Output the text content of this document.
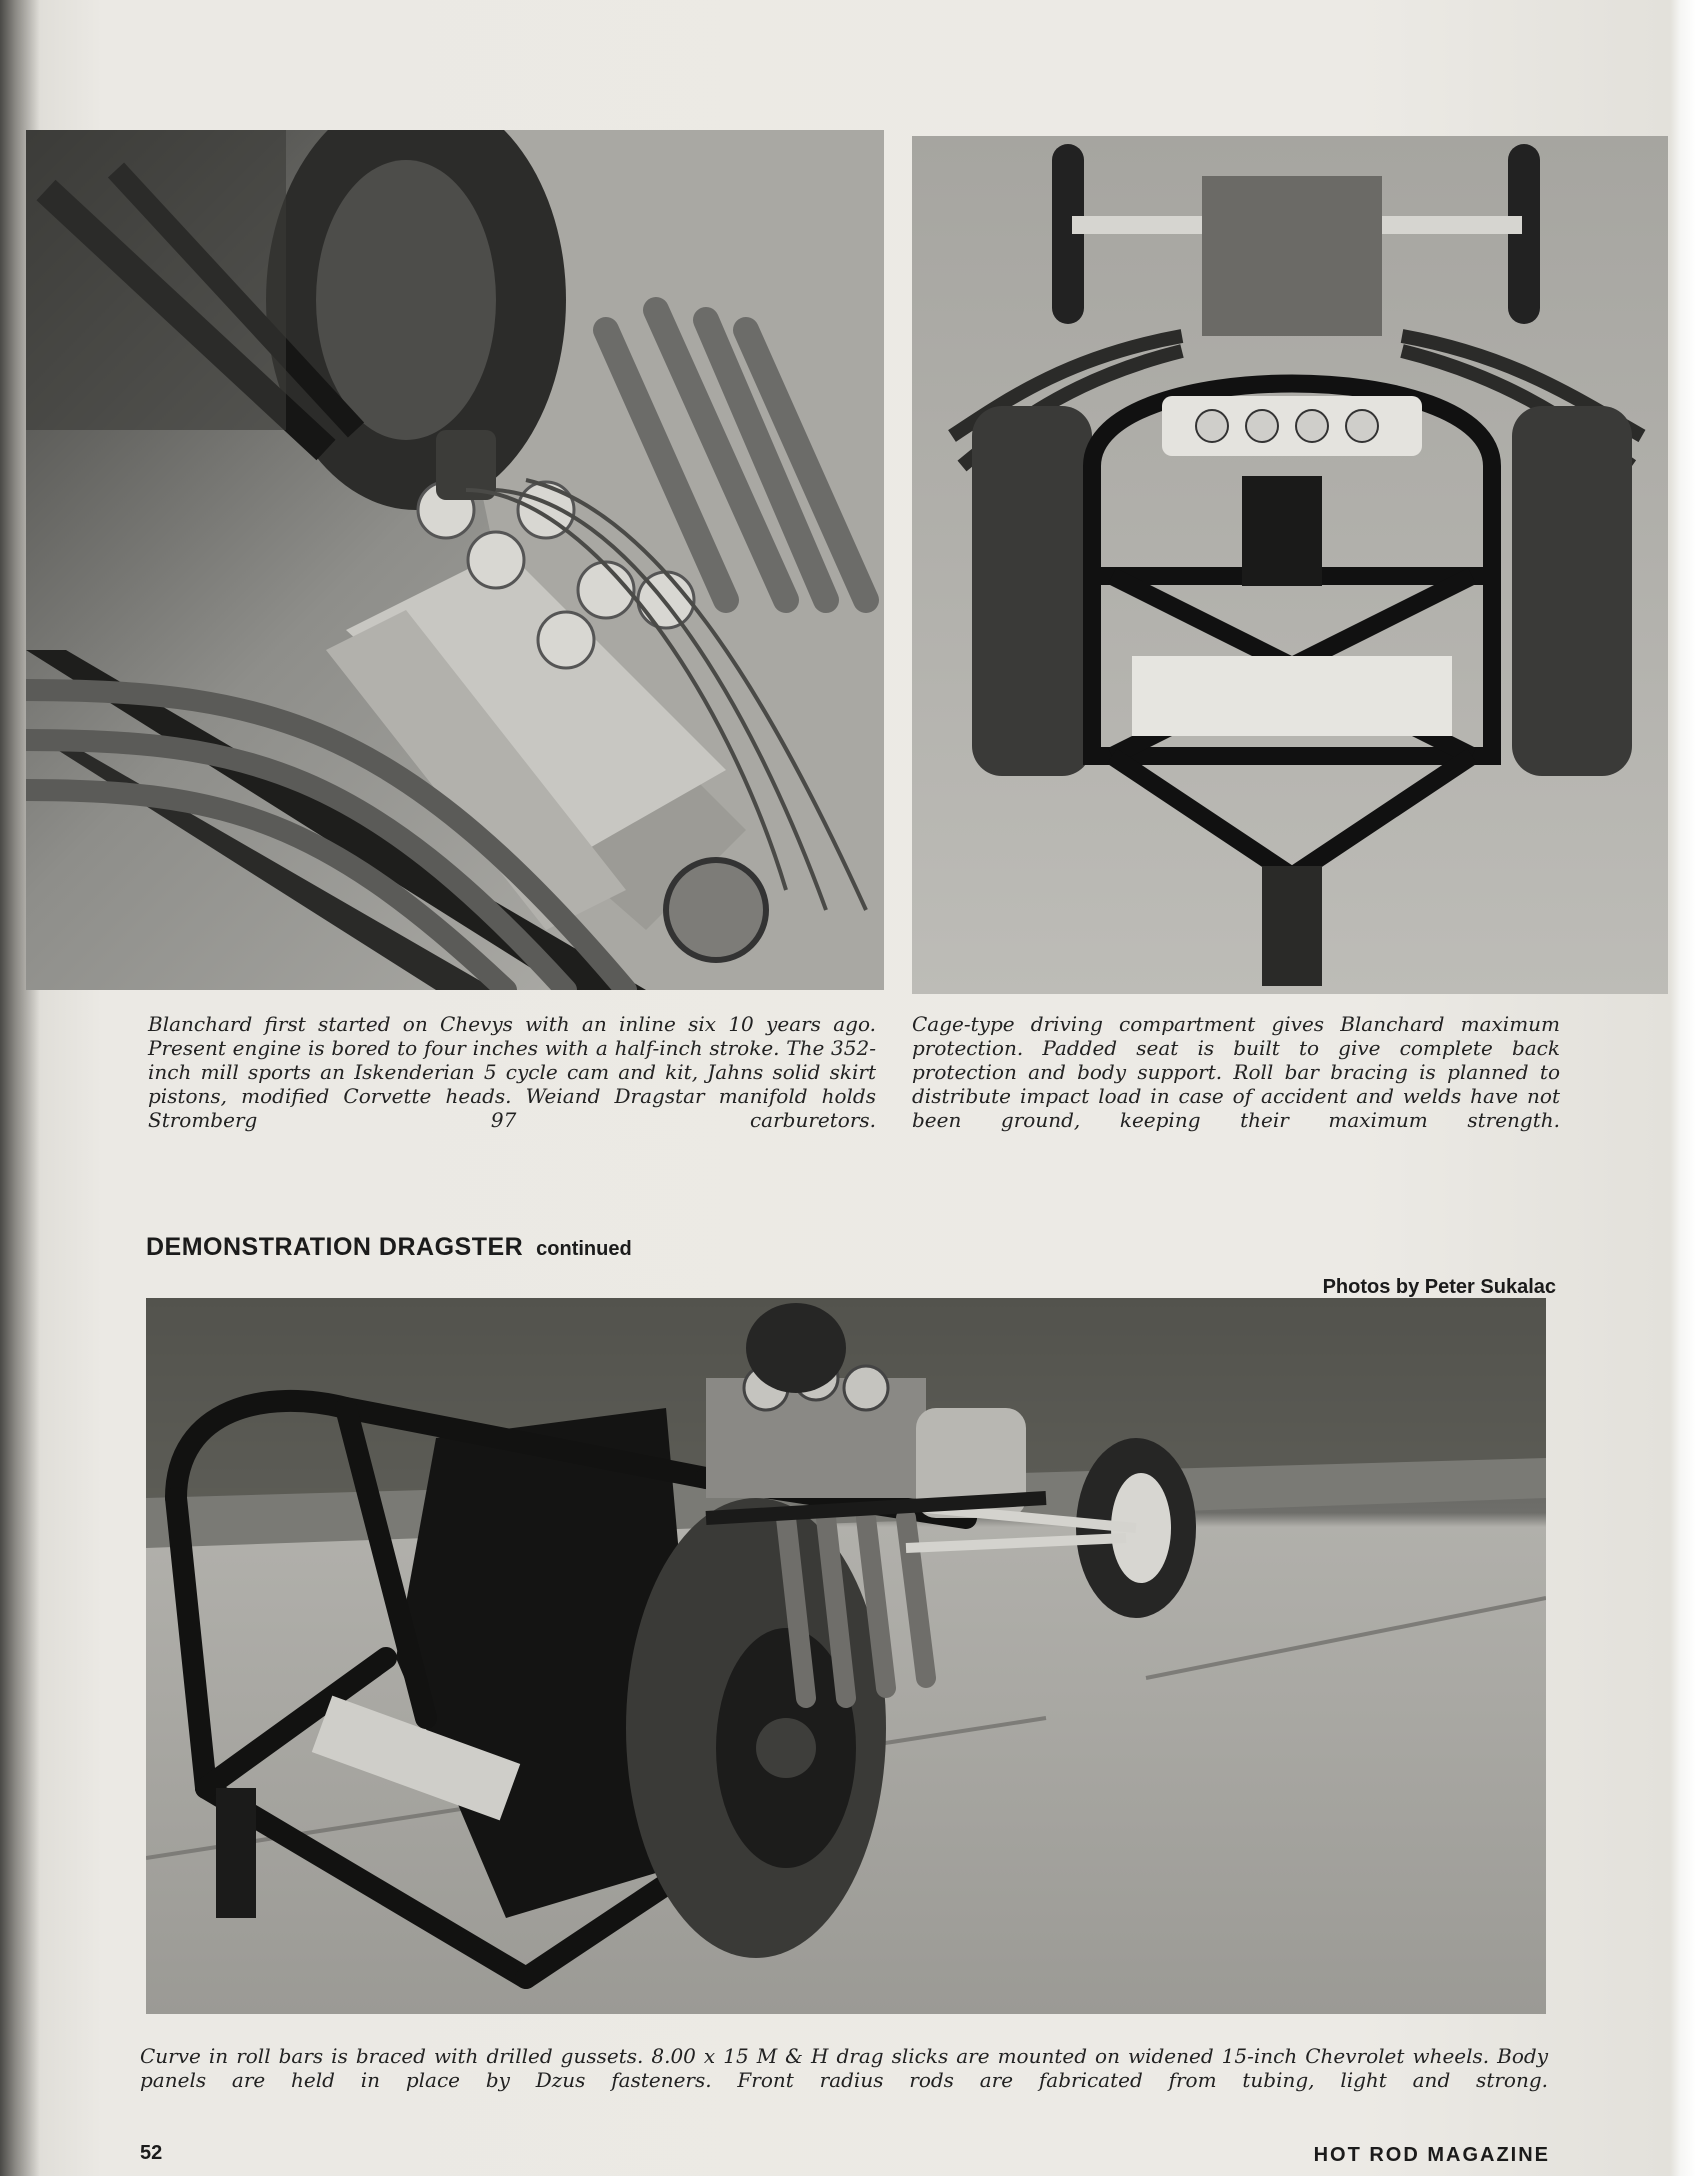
Blanchard first started on Chevys with an inline six 10 years ago. Present engine is bored to four inches with a half-inch stroke. The 352-inch mill sports an Iskenderian 5 cycle cam and kit, Jahns solid skirt pistons, modified Corvette heads. Weiand Dragstar manifold holds Stromberg 97 carburetors.

Cage-type driving compartment gives Blanchard maximum protection. Padded seat is built to give complete back protection and body support. Roll bar bracing is planned to distribute impact load in case of accident and welds have not been ground, keeping their maximum strength.

DEMONSTRATION DRAGSTER continued
Photos by Peter Sukalac

Curve in roll bars is braced with drilled gussets. 8.00 x 15 M & H drag slicks are mounted on widened 15-inch Chevrolet wheels. Body panels are held in place by Dzus fasteners. Front radius rods are fabricated from tubing, light and strong.

52	HOT ROD MAGAZINE
